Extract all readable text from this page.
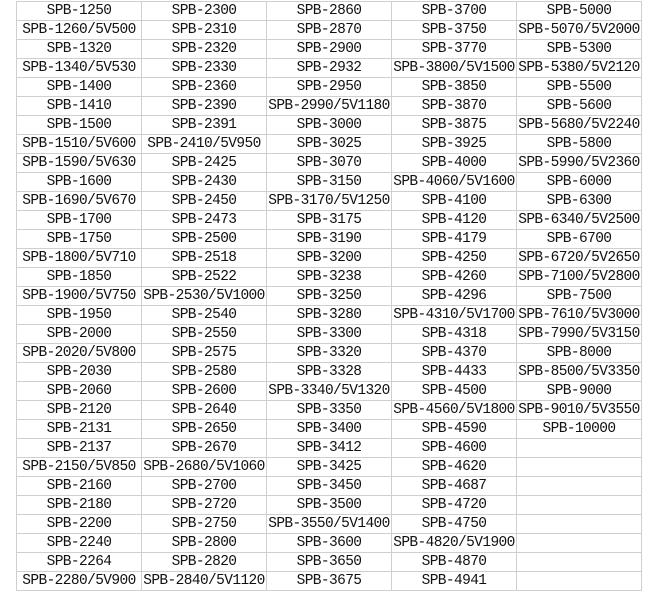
SPB-1250	SPB-2300	SPB-2860	SPB-3700	SPB-5000
SPB-1260/5V500	SPB-2310	SPB-2870	SPB-3750	SPB-5070/5V2000
SPB-1320	SPB-2320	SPB-2900	SPB-3770	SPB-5300
SPB-1340/5V530	SPB-2330	SPB-2932	SPB-3800/5V1500	SPB-5380/5V2120
SPB-1400	SPB-2360	SPB-2950	SPB-3850	SPB-5500
SPB-1410	SPB-2390	SPB-2990/5V1180	SPB-3870	SPB-5600
SPB-1500	SPB-2391	SPB-3000	SPB-3875	SPB-5680/5V2240
SPB-1510/5V600	SPB-2410/5V950	SPB-3025	SPB-3925	SPB-5800
SPB-1590/5V630	SPB-2425	SPB-3070	SPB-4000	SPB-5990/5V2360
SPB-1600	SPB-2430	SPB-3150	SPB-4060/5V1600	SPB-6000
SPB-1690/5V670	SPB-2450	SPB-3170/5V1250	SPB-4100	SPB-6300
SPB-1700	SPB-2473	SPB-3175	SPB-4120	SPB-6340/5V2500
SPB-1750	SPB-2500	SPB-3190	SPB-4179	SPB-6700
SPB-1800/5V710	SPB-2518	SPB-3200	SPB-4250	SPB-6720/5V2650
SPB-1850	SPB-2522	SPB-3238	SPB-4260	SPB-7100/5V2800
SPB-1900/5V750	SPB-2530/5V1000	SPB-3250	SPB-4296	SPB-7500
SPB-1950	SPB-2540	SPB-3280	SPB-4310/5V1700	SPB-7610/5V3000
SPB-2000	SPB-2550	SPB-3300	SPB-4318	SPB-7990/5V3150
SPB-2020/5V800	SPB-2575	SPB-3320	SPB-4370	SPB-8000
SPB-2030	SPB-2580	SPB-3328	SPB-4433	SPB-8500/5V3350
SPB-2060	SPB-2600	SPB-3340/5V1320	SPB-4500	SPB-9000
SPB-2120	SPB-2640	SPB-3350	SPB-4560/5V1800	SPB-9010/5V3550
SPB-2131	SPB-2650	SPB-3400	SPB-4590	SPB-10000
SPB-2137	SPB-2670	SPB-3412	SPB-4600	
SPB-2150/5V850	SPB-2680/5V1060	SPB-3425	SPB-4620	
SPB-2160	SPB-2700	SPB-3450	SPB-4687	
SPB-2180	SPB-2720	SPB-3500	SPB-4720	
SPB-2200	SPB-2750	SPB-3550/5V1400	SPB-4750	
SPB-2240	SPB-2800	SPB-3600	SPB-4820/5V1900	
SPB-2264	SPB-2820	SPB-3650	SPB-4870	
SPB-2280/5V900	SPB-2840/5V1120	SPB-3675	SPB-4941	
